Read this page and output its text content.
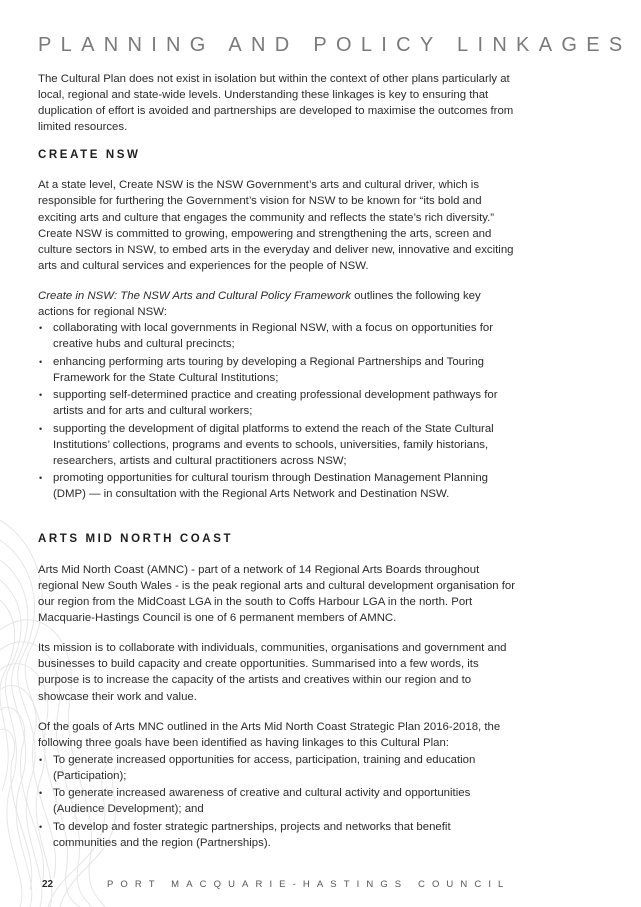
PLANNING AND POLICY LINKAGES

The Cultural Plan does not exist in isolation but within the context of other plans particularly at local, regional and state-wide levels. Understanding these linkages is key to ensuring that duplication of effort is avoided and partnerships are developed to maximise the outcomes from limited resources.

CREATE NSW

At a state level, Create NSW is the NSW Government’s arts and cultural driver, which is responsible for furthering the Government’s vision for NSW to be known for “its bold and exciting arts and culture that engages the community and reflects the state’s rich diversity.” Create NSW is committed to growing, empowering and strengthening the arts, screen and culture sectors in NSW, to embed arts in the everyday and deliver new, innovative and exciting arts and cultural services and experiences for the people of NSW.

Create in NSW: The NSW Arts and Cultural Policy Framework outlines the following key actions for regional NSW:

• collaborating with local governments in Regional NSW, with a focus on opportunities for creative hubs and cultural precincts;
• enhancing performing arts touring by developing a Regional Partnerships and Touring Framework for the State Cultural Institutions;
• supporting self-determined practice and creating professional development pathways for artists and for arts and cultural workers;
• supporting the development of digital platforms to extend the reach of the State Cultural Institutions’ collections, programs and events to schools, universities, family historians, researchers, artists and cultural practitioners across NSW;
• promoting opportunities for cultural tourism through Destination Management Planning (DMP) — in consultation with the Regional Arts Network and Destination NSW.
ARTS MID NORTH COAST

Arts Mid North Coast (AMNC) - part of a network of 14 Regional Arts Boards throughout regional New South Wales - is the peak regional arts and cultural development organisation for our region from the MidCoast LGA in the south to Coffs Harbour LGA in the north. Port Macquarie-Hastings Council is one of 6 permanent members of AMNC.

Its mission is to collaborate with individuals, communities, organisations and government and businesses to build capacity and create opportunities. Summarised into a few words, its purpose is to increase the capacity of the artists and creatives within our region and to showcase their work and value.

Of the goals of Arts MNC outlined in the Arts Mid North Coast Strategic Plan 2016-2018, the following three goals have been identified as having linkages to this Cultural Plan:

• To generate increased opportunities for access, participation, training and education (Participation);
• To generate increased awareness of creative and cultural activity and opportunities (Audience Development); and
• To develop and foster strategic partnerships, projects and networks that benefit communities and the region (Partnerships).
22	PORT MACQUARIE-HASTINGS COUNCIL
